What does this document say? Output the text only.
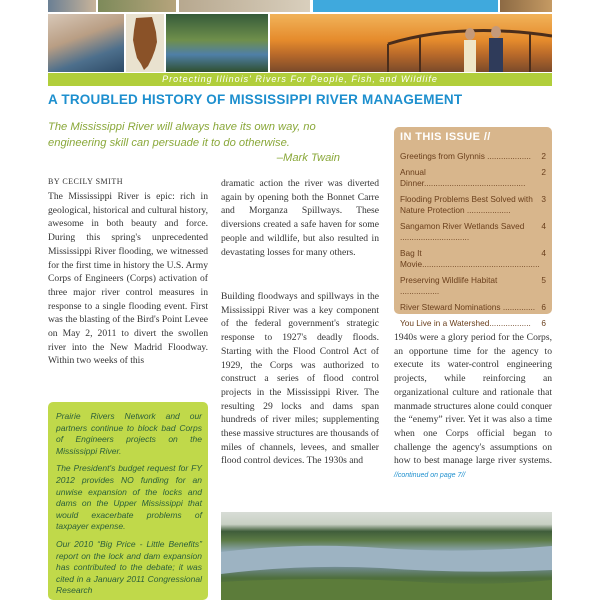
Protecting Illinois' Rivers For People, Fish, and Wildlife
A TROUBLED HISTORY OF MISSISSIPPI RIVER MANAGEMENT
The Mississippi River will always have its own way, no engineering skill can persuade it to do otherwise.
–Mark Twain
BY CECILY SMITH
The Mississippi River is epic: rich in geological, historical and cultural history, awesome in both beauty and force. During this spring's unprecedented Mississippi River flooding, we witnessed for the first time in history the U.S. Army Corps of Engineers (Corps) activation of three major river control measures in response to a single flooding event. First was the blasting of the Bird's Point Levee on May 2, 2011 to divert the swollen river into the New Madrid Floodway. Within two weeks of this
dramatic action the river was diverted again by opening both the Bonnet Carre and Morganza Spillways. These diversions created a safe haven for some people and wildlife, but also resulted in devastating losses for many others.
Building floodways and spillways in the Mississippi River was a key component of the federal government's strategic response to 1927's deadly floods. Starting with the Flood Control Act of 1929, the Corps was authorized to construct a series of flood control projects in the Mississippi River. The resulting 29 locks and dams span hundreds of river miles; supplementing these massive structures are thousands of miles of channels, levees, and smaller flood control devices. The 1930s and
1940s were a glory period for the Corps, an opportune time for the agency to execute its water-control engineering projects, while reinforcing an organizational culture and rationale that manmade structures alone could conquer the “enemy” river. Yet it was also a time when one Corps official began to challenge the agency's assumptions on how to best manage large river systems. //continued on page 7//

Prairie Rivers Network and our partners continue to block bad Corps of Engineers projects on the Mississippi River.

The President's budget request for FY 2012 provides NO funding for an unwise expansion of the locks and dams on the Upper Mississippi that would exacerbate problems of taxpayer expense.

Our 2010 “Big Price - Little Benefits” report on the lock and dam expansion has contributed to the debate; it was cited in a January 2011 Congressional Research

IN THIS ISSUE //
Greetings from Glynnis ...................	2
Annual Dinner............................................
2
Flooding Problems Best Solved with Nature Protection ...................
3
Sangamon River Wetlands Saved ..............................
4
Bag It Movie...................................................
4
Preserving Wildlife Habitat .................
5
River Steward Nominations .............. 6
You Live in a Watershed..................	6
